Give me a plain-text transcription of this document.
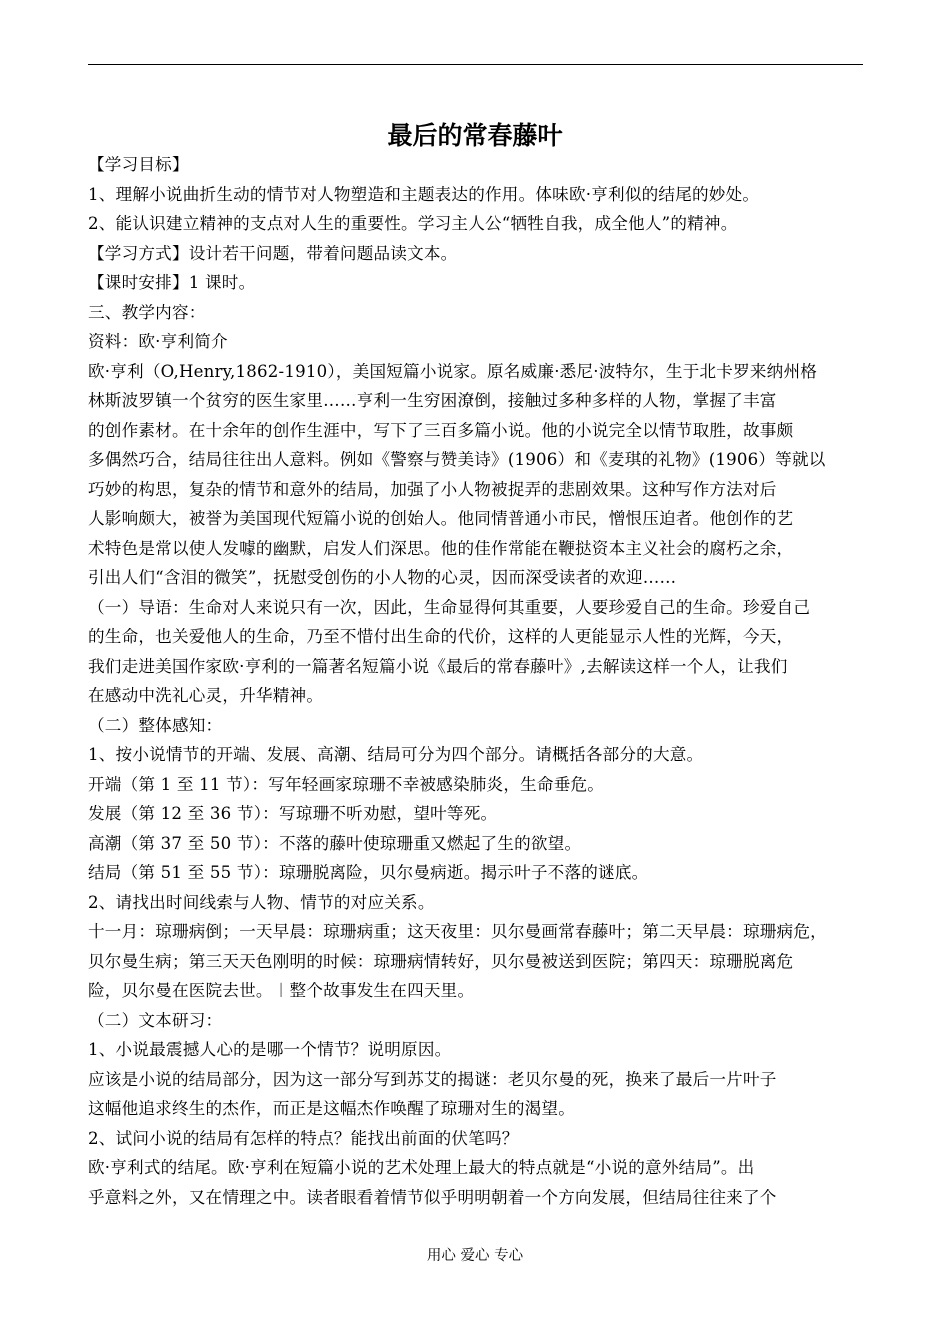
最后的常春藤叶
【学习目标】
1、理解小说曲折生动的情节对人物塑造和主题表达的作用。体味欧·亨利似的结尾的妙处。
2、能认识建立精神的支点对人生的重要性。学习主人公“牺牲自我，成全他人”的精神。
【学习方式】设计若干问题，带着问题品读文本。
【课时安排】1 课时。
三、教学内容：
资料：欧·亨利简介
欧·亨利（O,Henry,1862-1910），美国短篇小说家。原名威廉·悉尼·波特尔，生于北卡罗来纳州格
林斯波罗镇一个贫穷的医生家里……亨利一生穷困潦倒，接触过多种多样的人物，掌握了丰富
的创作素材。在十余年的创作生涯中，写下了三百多篇小说。他的小说完全以情节取胜，故事颇
多偶然巧合，结局往往出人意料。例如《警察与赞美诗》(1906）和《麦琪的礼物》(1906）等就以
巧妙的构思，复杂的情节和意外的结局，加强了小人物被捉弄的悲剧效果。这种写作方法对后
人影响颇大，被誉为美国现代短篇小说的创始人。他同情普通小市民，憎恨压迫者。他创作的艺
术特色是常以使人发噱的幽默，启发人们深思。他的佳作常能在鞭挞资本主义社会的腐朽之余，
引出人们“含泪的微笑”，抚慰受创伤的小人物的心灵，因而深受读者的欢迎……
（一）导语：生命对人来说只有一次，因此，生命显得何其重要，人要珍爱自己的生命。珍爱自己
的生命，也关爱他人的生命，乃至不惜付出生命的代价，这样的人更能显示人性的光辉，今天，
我们走进美国作家欧·亨利的一篇著名短篇小说《最后的常春藤叶》,去解读这样一个人，让我们
在感动中洗礼心灵，升华精神。
（二）整体感知：
1、按小说情节的开端、发展、高潮、结局可分为四个部分。请概括各部分的大意。
开端（第 1 至 11 节）：写年轻画家琼珊不幸被感染肺炎，生命垂危。
发展（第 12 至 36 节）：写琼珊不听劝慰，望叶等死。
高潮（第 37 至 50 节）：不落的藤叶使琼珊重又燃起了生的欲望。
结局（第 51 至 55 节）：琼珊脱离险，贝尔曼病逝。揭示叶子不落的谜底。
2、请找出时间线索与人物、情节的对应关系。
十一月：琼珊病倒；一天早晨：琼珊病重；这天夜里：贝尔曼画常春藤叶；第二天早晨：琼珊病危，
贝尔曼生病；第三天天色刚明的时候：琼珊病情转好，贝尔曼被送到医院；第四天：琼珊脱离危
险，贝尔曼在医院去世。︱整个故事发生在四天里。
（二）文本研习：
1、小说最震撼人心的是哪一个情节？说明原因。
应该是小说的结局部分，因为这一部分写到苏艾的揭谜：老贝尔曼的死，换来了最后一片叶子
这幅他追求终生的杰作，而正是这幅杰作唤醒了琼珊对生的渴望。
2、试问小说的结局有怎样的特点？能找出前面的伏笔吗？
欧·亨利式的结尾。欧·亨利在短篇小说的艺术处理上最大的特点就是“小说的意外结局”。出
乎意料之外，又在情理之中。读者眼看着情节似乎明明朝着一个方向发展，但结局往往来了个
用心 爱心 专心
